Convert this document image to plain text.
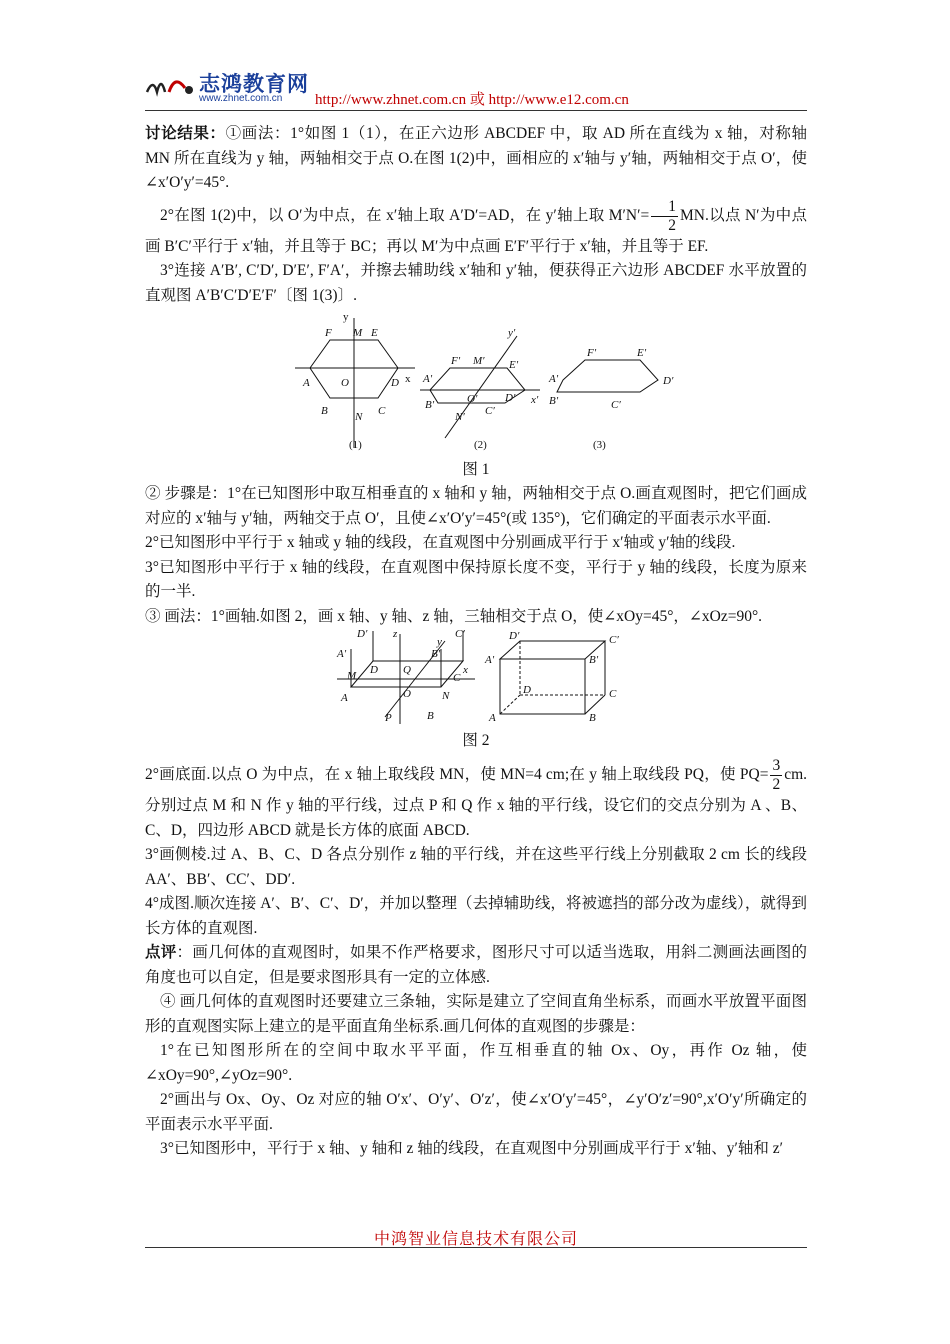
志鸿教育网
www.zhnet.com.cn http://www.zhnet.com.cn 或 http://www.e12.com.cn

讨论结果：①画法：1°如图 1（1），在正六边形 ABCDEF 中，取 AD 所在直线为 x 轴，对称轴 MN 所在直线为 y 轴，两轴相交于点 O.在图 1(2)中，画相应的 x′轴与 y′轴，两轴相交于点 O′，使∠x′O′y′=45°.

2°在图 1(2)中，以 O′为中点，在 x′轴上取 A′D′=AD，在 y′轴上取 $M'N'= \frac{1}{2}$ MN.以点 N′为中点画 B′C′平行于 x′轴，并且等于 BC；再以 M′为中点画 E′F′平行于 x′轴，并且等于 EF.

3°连接 A′B′, C′D′, D′E′, F′A′，并擦去辅助线 x′轴和 y′轴，便获得正六边形 ABCDEF 水平放置的直观图 A′B′C′D′E′F′〔图 1(3)〕.

y
x
F M E
A	O	D
B N C
(1)
y′
x′
F′ M′ E′
A′
O′	D′
B′
N′ C′
(2)
F′	E′
A′	D′
B′	C′
(3)

图 1

② 步骤是：1°在已知图形中取互相垂直的 x 轴和 y 轴，两轴相交于点 O.画直观图时，把它们画成对应的 x′轴与 y′轴，两轴交于点 O′，且使∠x′O′y′=45°(或 135°)，它们确定的平面表示水平面.

2°已知图形中平行于 x 轴或 y 轴的线段，在直观图中分别画成平行于 x′轴或 y′轴的线段.

3°已知图形中平行于 x 轴的线段，在直观图中保持原长度不变，平行于 y 轴的线段，长度为原来的一半.

③ 画法：1°画轴.如图 2，画 x 轴、y 轴、z 轴，三轴相交于点 O，使∠xOy=45°，∠xOz=90°.

D′ z
y
C′
A′	B′
M D Q
C
x
A	O	N
P	B
D′	C′
A′	B′
D	C
A	B

图 2

2°画底面.以点 O 为中点，在 x 轴上取线段 MN，使 MN=4 cm;在 y 轴上取线段 PQ，使 $PQ= \frac{3}{2}$ cm.分别过点 M 和 N 作 y 轴的平行线，过点 P 和 Q 作 x 轴的平行线，设它们的交点分别为 A 、B、C、D，四边形 ABCD 就是长方体的底面 ABCD.

3°画侧棱.过 A、B、C、D 各点分别作 z 轴的平行线，并在这些平行线上分别截取 2 cm 长的线段 AA′、BB′、CC′、DD′.

4°成图.顺次连接 A′、B′、C′、D′，并加以整理（去掉辅助线，将被遮挡的部分改为虚线），就得到长方体的直观图.

点评：画几何体的直观图时，如果不作严格要求，图形尺寸可以适当选取，用斜二测画法画图的角度也可以自定，但是要求图形具有一定的立体感.

④ 画几何体的直观图时还要建立三条轴，实际是建立了空间直角坐标系，而画水平放置平面图形的直观图实际上建立的是平面直角坐标系.画几何体的直观图的步骤是：

1°在已知图形所在的空间中取水平平面，作互相垂直的轴 Ox、Oy，再作 Oz 轴，使∠xOy=90°,∠yOz=90°.

2°画出与 Ox、Oy、Oz 对应的轴 O′x′、O′y′、O′z′，使∠x′O′y′=45°，∠y′O′z′=90°,x′O′y′所确定的平面表示水平平面.

3°已知图形中，平行于 x 轴、y 轴和 z 轴的线段，在直观图中分别画成平行于 x′轴、y′轴和 z′

中鸿智业信息技术有限公司
